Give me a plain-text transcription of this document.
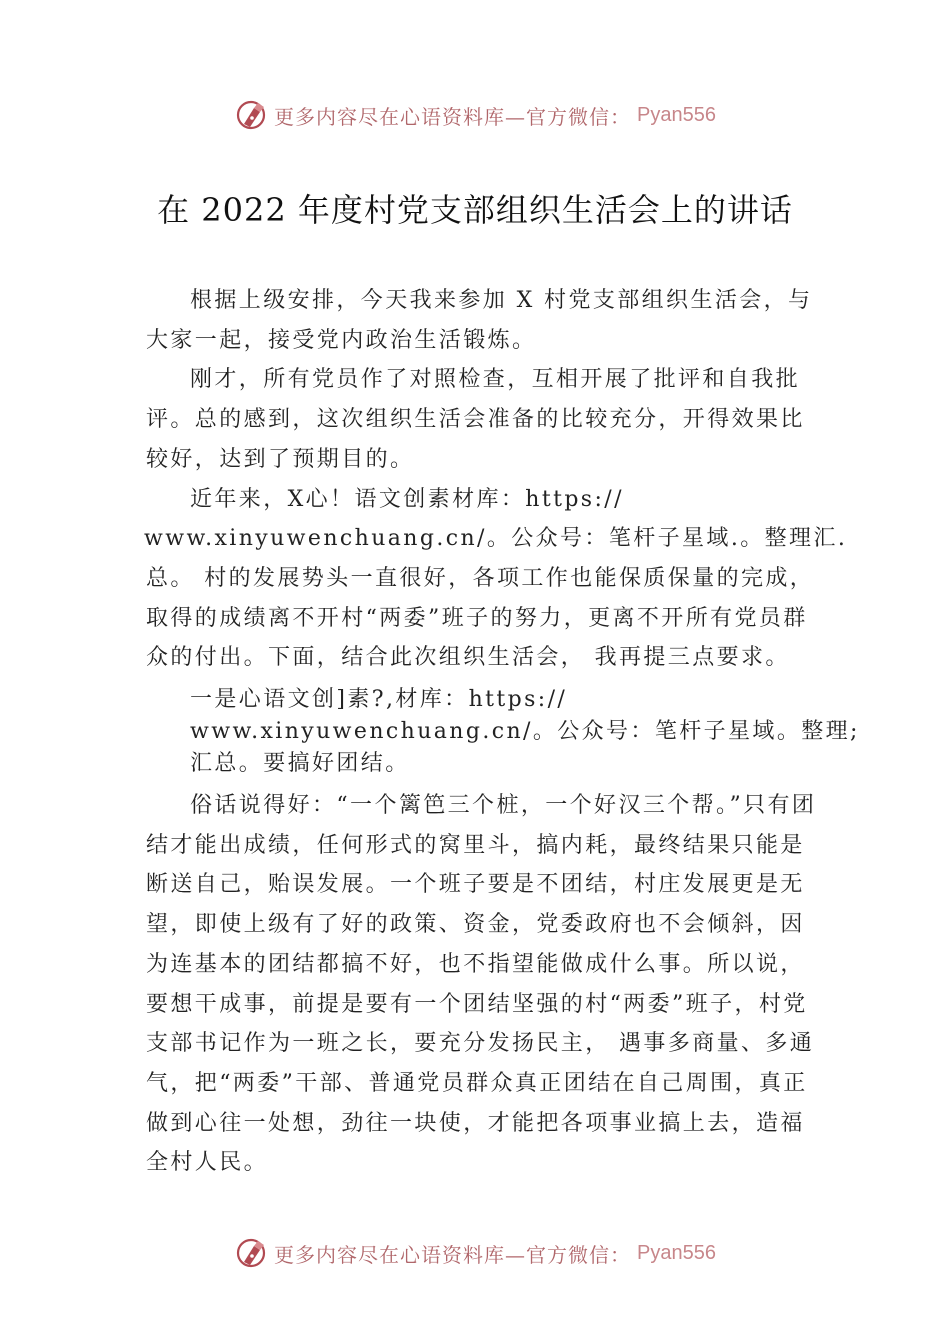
更多内容尽在心语资料库—官方微信： Pyan556
在 2022 年度村党支部组织生活会上的讲话

根据上级安排，今天我来参加 X 村党支部组织生活会，与大家一起，接受党内政治生活锻炼。

刚才，所有党员作了对照检查，互相开展了批评和自我批评。总的感到，这次组织生活会准备的比较充分，开得效果比较好，达到了预期目的。

近年来，X心！语文创素材库：https://

www.xinyuwenchuang.cn/。公众号：笔杆子星域.。整理汇.

总。 村的发展势头一直很好，各项工作也能保质保量的完成，取得的成绩离不开村“两委”班子的努力，更离不开所有党员群众的付出。下面，结合此次组织生活会， 我再提三点要求。

一是心语文创]素?,材库：https://

www.xinyuwenchuang.cn/。公众号：笔杆子星域。整理;

汇总。要搞好团结。

俗话说得好：“一个篱笆三个桩，一个好汉三个帮。”只有团结才能出成绩，任何形式的窝里斗，搞内耗，最终结果只能是断送自己，贻误发展。一个班子要是不团结，村庄发展更是无望，即使上级有了好的政策、资金，党委政府也不会倾斜，因为连基本的团结都搞不好，也不指望能做成什么事。所以说，要想干成事，前提是要有一个团结坚强的村“两委”班子，村党支部书记作为一班之长，要充分发扬民主， 遇事多商量、多通气，把“两委”干部、普通党员群众真正团结在自己周围，真正做到心往一处想，劲往一块使，才能把各项事业搞上去，造福全村人民。

更多内容尽在心语资料库—官方微信： Pyan556
